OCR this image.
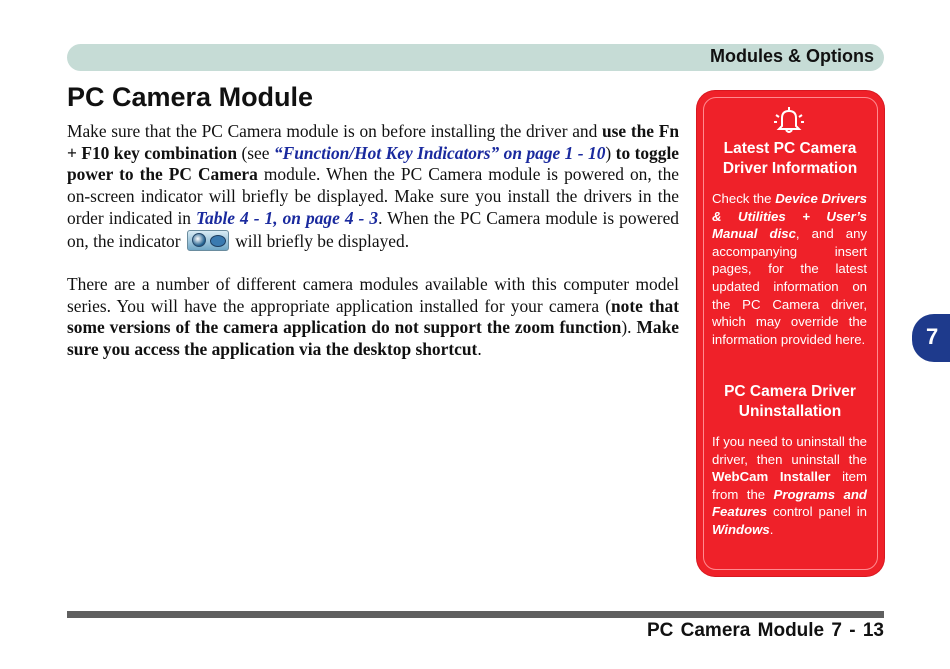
Modules & Options
PC Camera Module

Make sure that the PC Camera module is on before installing the driver and use the Fn + F10 key combination (see “Function/Hot Key Indicators” on page 1 - 10) to toggle power to the PC Camera module. When the PC Camera module is powered on, the on-screen indicator will briefly be displayed. Make sure you install the drivers in the order indicated in Table 4 - 1, on page 4 - 3. When the PC Camera module is powered on, the indicator	will briefly be displayed.

There are a number of different camera modules available with this computer model series. You will have the appropriate application installed for your camera (note that some versions of the camera application do not support the zoom function). Make sure you access the application via the desktop shortcut.

Latest PC Camera Driver Information
Check the Device Drivers & Utilities + User’s Manual disc, and any accompanying insert pages, for the latest updated information on the PC Camera driver, which may override the information provided here.
PC Camera Driver Uninstallation
If you need to uninstall the driver, then uninstall the WebCam Installer item from the Programs and Features control panel in Windows.
7
PC Camera Module 7 - 13
